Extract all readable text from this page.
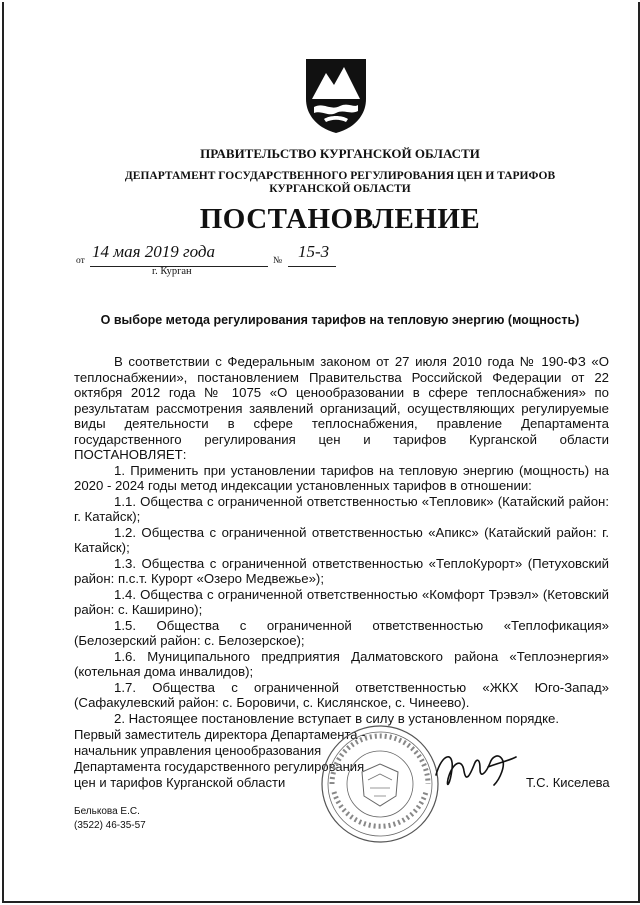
ПРАВИТЕЛЬСТВО КУРГАНСКОЙ ОБЛАСТИ
ДЕПАРТАМЕНТ ГОСУДАРСТВЕННОГО РЕГУЛИРОВАНИЯ ЦЕН И ТАРИФОВ
КУРГАНСКОЙ ОБЛАСТИ
ПОСТАНОВЛЕНИЕ
от 14 мая 2019 года	№ 15-3
г. Курган
О выборе метода регулирования тарифов на тепловую энергию (мощность)

В соответствии с Федеральным законом от 27 июля 2010 года № 190-ФЗ «О теплоснабжении», постановлением Правительства Российской Федерации от 22 октября 2012 года № 1075 «О ценообразовании в сфере теплоснабжения» по результатам рассмотрения заявлений организаций, осуществляющих регулируемые виды деятельности в сфере теплоснабжения, правление Департамента государственного регулирования цен и тарифов Курганской области ПОСТАНОВЛЯЕТ:

1. Применить при установлении тарифов на тепловую энергию (мощность) на 2020 - 2024 годы метод индексации установленных тарифов в отношении:

1.1. Общества с ограниченной ответственностью «Тепловик» (Катайский район: г. Катайск);

1.2. Общества с ограниченной ответственностью «Апикс» (Катайский район: г. Катайск);

1.3. Общества с ограниченной ответственностью «ТеплоКурорт» (Петуховский район: п.с.т. Курорт «Озеро Медвежье»);

1.4. Общества с ограниченной ответственностью «Комфорт Трэвэл» (Кетовский район: с. Каширино);

1.5. Общества с ограниченной ответственностью «Теплофикация» (Белозерский район: с. Белозерское);

1.6. Муниципального предприятия Далматовского района «Теплоэнергия» (котельная дома инвалидов);

1.7. Общества с ограниченной ответственностью «ЖКХ Юго-Запад» (Сафакулевский район: с. Боровичи, с. Кислянское, с. Чинеево).

2. Настоящее постановление вступает в силу в установленном порядке.

Первый заместитель директора Департамента -
начальник управления ценообразования
Департамента государственного регулирования
цен и тарифов Курганской области	Т.С. Киселева
Белькова Е.С.
(3522) 46-35-57
